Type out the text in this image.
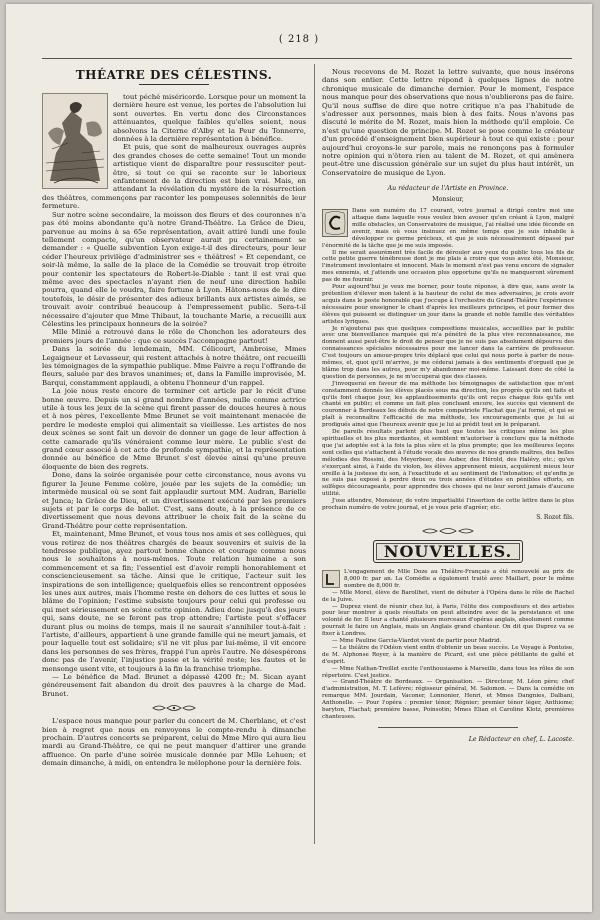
( 218 )
THÉATRE DES CÉLESTINS.

tout péché miséricorde. Lorsque pour un moment la dernière heure est venue, les portes de l'absolution lui sont ouvertes. En vertu donc des Circonstances atténuantes, quelque faibles qu'elles soient, nous absolvons la Citerne d'Alby et la Peur du Tonnerre, données à la dernière représentation à bénéfice.

Et puis, que sont de malheureux ouvrages auprès des grandes choses de cette semaine! Tout un monde artistique vient de disparaître pour ressusciter peut-être, si tout ce qui se raconte sur le laborieux enfantement de la direction est bien vrai. Mais, en attendant la révélation du mystère de la résurrection des théâtres, commençons par raconter les pompeuses solennités de leur fermeture.

Sur notre scène secondaire, la moisson des fleurs et des couronnes n'a pas été moins abondante qu'à notre Grand-Théâtre. La Grâce de Dieu, parvenue au moins à sa 65e représentation, avait attiré lundi une foule tellement compacte, qu'un observateur aurait pu certainement se demander : « Quelle subvention Lyon exige-t-il des directeurs, pour leur céder l'heureux privilège d'administrer ses « théâtres! » Et cependant, ce soir-là même, la salle de la place de la Comédie se trouvait trop étroite pour contenir les spectateurs de Robert-le-Diable : tant il est vrai que même avec des spectacles n'ayant rien de neuf une direction habile pourra, quand elle le voudra, faire fortune à Lyon. Hâtons-nous de le dire toutefois, le désir de présenter des adieux brillants aux artistes aimés, se trouvait avoir contribué beaucoup à l'empressement public. Sera-t-il nécessaire d'ajouter que Mme Thibaut, la touchante Marie, a recueilli aux Célestins les principaux honneurs de la soirée?

Mlle Minié a retrouvé dans le rôle de Chonchon les adorateurs des premiers jours de l'année : que ce succès l'accompagne partout!

Dans la soirée du lendemain, MM. Célicourt, Ambroise, Mmes Legaigneur et Levasseur, qui restent attachés à notre théâtre, ont recueilli les témoignages de la sympathie publique. Mme Faivre a reçu l'offrande de fleurs, saluée par des bravos unanimes; et, dans la Famille improvisée, M. Barqui, constamment applaudi, a obtenu l'honneur d'un rappel.

La joie nous reste encore de terminer cet article par le récit d'une bonne œuvre. Depuis un si grand nombre d'années, nulle comme actrice utile à tous les jeux de la scène qui firent passer de douces heures à nous et à nos pères, l'excellente Mme Brunet se voit maintenant menacée de perdre le modeste emploi qui alimentait sa vieillesse. Les artistes de nos deux scènes se sont fait un devoir de donner un gage de leur affection à cette camarade qu'ils vénéraient comme leur mère. Le public s'est de grand cœur associé à cet acte de profonde sympathie, et la représentation donnée au bénéfice de Mme Brunet s'est élevée ainsi qu'une preuve éloquente de bien des regrets.

Done, dans la soirée organisée pour cette circonstance, nous avons vu figurer la Jeune Femme colère, jouée par les sujets de la comédie; un intermède musical où se sont fait applaudir surtout MM. Audran, Barielle et Junca; la Grâce de Dieu, et un divertissement exécuté par les premiers sujets et par le corps de ballet. C'est, sans doute, à la présence de ce divertissement que nous devons attribuer le choix fait de la scène du Grand-Théâtre pour cette représentation.

Et, maintenant, Mme Brunet, et vous tous nos amis et ses collègues, qui vous retirez de nos théâtres chargés de beaux souvenirs et suivis de la tendresse publique, ayez partout bonne chance et courage comme nous nous le souhaitons à nous-mêmes. Toute relation humaine a son commencement et sa fin; l'essentiel est d'avoir rempli honorablement et consciencieusement sa tâche. Ainsi que le critique, l'acteur suit les inspirations de son intelligence; quelquefois elles se rencontrent opposées les unes aux autres, mais l'homme reste en dehors de ces luttes et sous le blâme de l'opinion; l'estime subsiste toujours pour celui qui professe ou qui met sérieusement en scène cette opinion. Adieu donc jusqu'à des jours qui, sans doute, ne se feront pas trop attendre; l'artiste peut s'effacer durant plus ou moins de temps, mais il ne saurait s'annihiler tout-à-fait : l'artiste, d'ailleurs, appartient à une grande famille qui ne meurt jamais, et pour laquelle tout est solidaire; s'il ne vit plus par lui-même, il vit encore dans les personnes de ses frères, frappé l'un après l'autre. Ne désespérons donc pas de l'avenir, l'injustice passe et la vérité reste; les fautes et le mensonge usent vite, et toujours à la fin la franchise triomphe.

— Le bénéfice de Mad. Brunet a dépassé 4200 fr.; M. Sican ayant généreusement fait abandon du droit des pauvres à la charge de Mad. Brunet.

L'espace nous manque pour parler du concert de M. Cherblanc, et c'est bien à regret que nous en renvoyons le compte-rendu à dimanche prochain. D'autres concerts se préparent, celui de Mme Miro qui aura lieu mardi au Grand-Théâtre, ce qui ne peut manquer d'attirer une grande affluence. On parle d'une soirée musicale donnée par Mlle Lehuen; et demain dimanche, à midi, on entendra le mélophone pour la dernière fois.

Nous recevons de M. Rozet la lettre suivante, que nous insérons dans son entier. Cette lettre répond à quelques lignes de notre chronique musicale de dimanche dernier. Pour le moment, l'espace nous manque pour des observations que nous n'oublierons pas de faire. Qu'il nous suffise de dire que notre critique n'a pas l'habitude de s'adresser aux personnes, mais bien à des faits. Nous n'avons pas discuté le mérite de M. Rozet, mais bien la méthode qu'il emploie. Ce n'est qu'une question de principe. M. Rozet se pose comme le créateur d'un procédé d'enseignement bien supérieur à tout ce qui existe : pour aujourd'hui croyons-le sur parole, mais ne renonçons pas à formuler notre opinion qui n'ôtera rien au talent de M. Rozet, et qui amènera peut-être une discussion générale sur un sujet du plus haut intérêt, un Conservatoire de musique de Lyon.

Au rédacteur de l'Artiste en Province.
Monsieur,

Dans son numéro du 17 courant, votre journal a dirigé contre moi une attaque dans laquelle vous voulez bien avouer qu'en créant à Lyon, malgré mille obstacles, un Conservatoire de musique, j'ai réalisé une idée féconde en avenir, mais où vous insinuez en même temps que je suis inhabile à développer ce germe précieux, et que je suis nécessairement dépassé par l'énormité de la tâche que je me suis imposée.

Il me serait assurément très facile de dérouler aux yeux du public tous les fils de cette petite guerre ténébreuse dont je me plais à croire que vous avez été, Monsieur, l'instrument involontaire et innocent. Mais le moment n'est pas venu encore de signaler mes ennemis, et j'attends une occasion plus opportune qu'ils ne manqueront sûrement pas de me fournir.

Pour aujourd'hui je veux me borner, pour toute réponse, à dire que, sans avoir la prétention d'élever mon talent à la hauteur de celui de mes adversaires, je crois avoir acquis dans le poste honorable que j'occupe à l'orchestre du Grand-Théâtre l'expérience nécessaire pour enseigner le chant d'après les meilleurs principes, et pour former des élèves qui puissent se distinguer un jour dans la grande et noble famille des véritables artistes lyriques.

Je n'ajouterai pas que quelques compositions musicales, accueillies par le public avec une bienveillance marquée qui m'a pénétré de la plus vive reconnaissance, me donnent aussi peut-être le droit de penser que je ne suis pas absolument dépourvu des connaissances spéciales nécessaires pour me lancer dans la carrière de professeur. C'est toujours un amour-propre très déplacé que celui qui nous porte à parler de nous-mêmes, et, quoi qu'il m'arrive, je me céderai jamais à des sentiments d'orgueil que je blâme trop dans les autres, pour m'y abandonner moi-même. Laissant donc de côté la question de personnes, je ne m'occuperai que des classes.

J'invoquerai en faveur de ma méthode les témoignages de satisfaction que m'ont constamment donnés les élèves placés sous ma direction, les progrès qu'ils ont faits et qu'ils font chaque jour, les applaudissements qu'ils ont reçus chaque fois qu'ils ont chanté en public; et comme un fait plus concluant encore, les succès qui viennent de couronner à Bordeaux les débuts de notre compatriote Flachat que j'ai formé, et qui se plaît à reconnaître l'efficacité de ma méthode, les encouragements que je lui ai prodigués ainsi que l'heureux avenir que je lui ai prédit tout en le préparant.

De pareils résultats parlent plus haut que toutes les critiques même les plus spirituelles et les plus mordantes, et semblent m'autoriser à conclure que la méthode que j'ai adoptée est à la fois la plus sûre et la plus prompte; que les meilleures leçons sont celles qui s'attachent à l'étude vocale des œuvres de nos grands maîtres, des belles mélodies des Rossini, des Meyerbeer, des Auber, des Hérold, des Halévy, etc.; qu'en s'exerçant ainsi, à l'aide du violon, les élèves apprennent mieux, acquièrent mieux leur oreille à la justesse du son, à l'exactitude et au sentiment de l'intonation; et qu'enfin je ne suis pas exposé à perdre deux ou trois années d'études en pénibles efforts, en solfèges décourageants, pour apprendre des choses qui ne leur seront jamais d'aucune utilité.

J'ose attendre, Monsieur, de votre impartialité l'insertion de cette lettre dans le plus prochain numéro de votre journal, et je vous prie d'agréer, etc.

S. Rozet fils.
NOUVELLES.

L'engagement de Mlle Doze au Théâtre-Français a été renouvelé au prix de 8,000 fr. par an. La Comédie a également traité avec Maillart, pour le même nombre de 8,000 fr.

— Mlle Morel, élève de Barollhet, vient de débuter à l'Opéra dans le rôle de Rachel de la Juive.

— Duprez vient de réunir chez lui, à Paris, l'élite des compositeurs et des artistes pour leur montrer à quels résultats on peut atteindre avec de la persistance et une volonté de fer. Il leur a chanté plusieurs morceaux d'opéras anglais, absolument comme pourrait le faire un Anglais, mais un Anglais grand chanteur. On dit que Duprez va se fixer à Londres.

— Mme Pauline Garcia-Viardot vient de partir pour Madrid.

— Le théâtre de l'Odéon vient enfin d'obtenir un beau succès. Le Voyage à Pontoise, de M. Alphonse Royer, à la manière de Picard, est une pièce pétillante de gaîté et d'esprit.

— Mme Nathan-Treillet excite l'enthousiasme à Marseille, dans tous les rôles de son répertoire. C'est justice.

— Grand-Théâtre de Bordeaux. — Organisation. — Directeur, M. Léon père; chef d'administration, M. T. Lefèvre; régisseur général, M. Salomon. — Dans la comédie on remarque MM. Jourdain, Vaconer, Lonnonier, Henri, et Mmes Dangnies, Dalbani, Anthonelle. — Pour l'opéra : premier ténor, Régnier; premier ténor léger, Anthiome; baryton, Flachat; première basse, Poinsotin; Mmes Elian et Caroline Klotz, premières chanteuses.

Le Rédacteur en chef, L. Lacoste.
